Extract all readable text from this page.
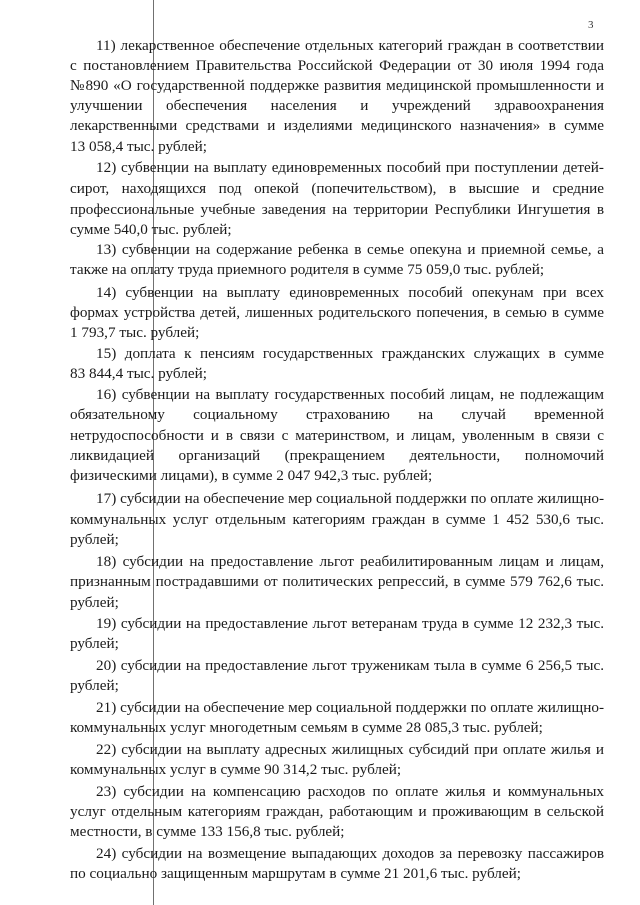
3
11) лекарственное обеспечение отдельных категорий граждан в соответствии
с постановлением Правительства Российской Федерации от 30 июля 1994 года
№890 «О государственной поддержке развития медицинской промышленности и
улучшении обеспечения населения и учреждений здравоохранения
лекарственными средствами и изделиями медицинского назначения» в сумме
13 058,4 тыс. рублей;
12) субвенции на выплату единовременных пособий при поступлении детей-
сирот, находящихся под опекой (попечительством), в высшие и средние
профессиональные учебные заведения на территории Республики Ингушетия в
сумме 540,0 тыс. рублей;
13) субвенции на содержание ребенка в семье опекуна и приемной семье, а
также на оплату труда приемного родителя в сумме 75 059,0 тыс. рублей;
14) субвенции на выплату единовременных пособий опекунам при всех
формах устройства детей, лишенных родительского попечения, в семью в сумме
1 793,7 тыс. рублей;
15) доплата к пенсиям государственных гражданских служащих в сумме
83 844,4 тыс. рублей;
16) субвенции на выплату государственных пособий лицам, не подлежащим
обязательному социальному страхованию на случай временной
нетрудоспособности и в связи с материнством, и лицам, уволенным в связи с
ликвидацией организаций (прекращением деятельности, полномочий
физическими лицами), в сумме 2 047 942,3 тыс. рублей;
17) субсидии на обеспечение мер социальной поддержки по оплате жилищно-
коммунальных услуг отдельным категориям граждан в сумме 1 452 530,6 тыс.
рублей;
18) субсидии на предоставление льгот реабилитированным лицам и лицам,
признанным пострадавшими от политических репрессий, в сумме 579 762,6 тыс.
рублей;
19) субсидии на предоставление льгот ветеранам труда в сумме 12 232,3 тыс.
рублей;
20) субсидии на предоставление льгот труженикам тыла в сумме 6 256,5 тыс.
рублей;
21) субсидии на обеспечение мер социальной поддержки по оплате жилищно-
коммунальных услуг многодетным семьям в сумме 28 085,3 тыс. рублей;
22) субсидии на выплату адресных жилищных субсидий при оплате жилья и
коммунальных услуг в сумме 90 314,2 тыс. рублей;
23) субсидии на компенсацию расходов по оплате жилья и коммунальных
услуг отдельным категориям граждан, работающим и проживающим в сельской
местности, в сумме 133 156,8 тыс. рублей;
24) субсидии на возмещение выпадающих доходов за перевозку пассажиров
по социально защищенным маршрутам в сумме 21 201,6 тыс. рублей;
